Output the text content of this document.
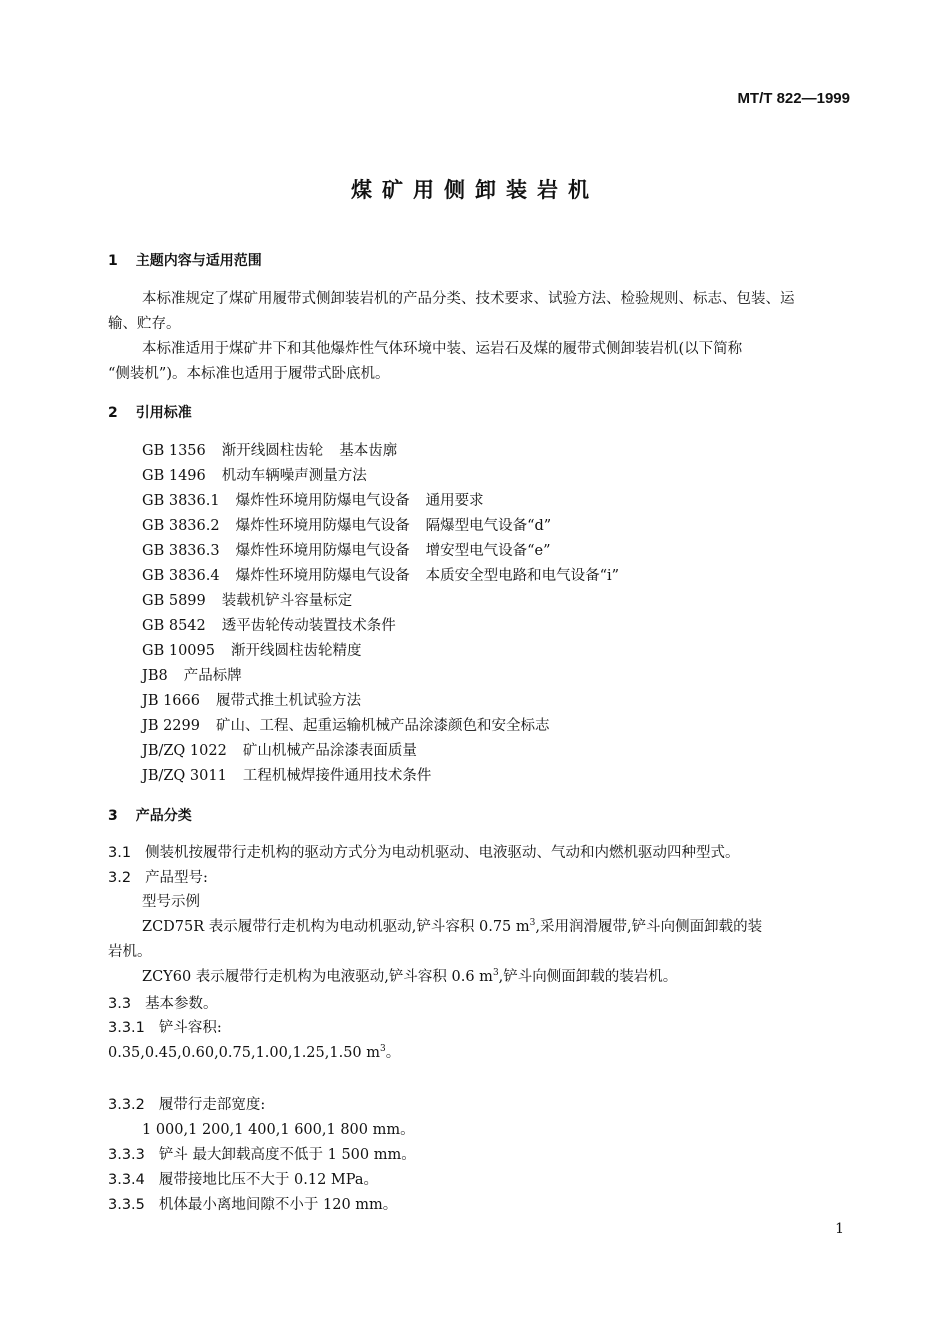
MT/T 822—1999
煤矿用侧卸装岩机
1 主题内容与适用范围
本标准规定了煤矿用履带式侧卸装岩机的产品分类、技术要求、试验方法、检验规则、标志、包装、运
输、贮存。
本标准适用于煤矿井下和其他爆炸性气体环境中装、运岩石及煤的履带式侧卸装岩机(以下简称
“侧装机”)。本标准也适用于履带式卧底机。
2 引用标准
GB 1356 渐开线圆柱齿轮 基本齿廓
GB 1496 机动车辆噪声测量方法
GB 3836.1 爆炸性环境用防爆电气设备 通用要求
GB 3836.2 爆炸性环境用防爆电气设备 隔爆型电气设备“d”
GB 3836.3 爆炸性环境用防爆电气设备 增安型电气设备“e”
GB 3836.4 爆炸性环境用防爆电气设备 本质安全型电路和电气设备“i”
GB 5899 装载机铲斗容量标定
GB 8542 透平齿轮传动装置技术条件
GB 10095 渐开线圆柱齿轮精度
JB8 产品标牌
JB 1666 履带式推土机试验方法
JB 2299 矿山、工程、起重运输机械产品涂漆颜色和安全标志
JB/ZQ 1022 矿山机械产品涂漆表面质量
JB/ZQ 3011 工程机械焊接件通用技术条件
3 产品分类
3.1 侧装机按履带行走机构的驱动方式分为电动机驱动、电液驱动、气动和内燃机驱动四种型式。
3.2 产品型号:
型号示例
ZCD75R 表示履带行走机构为电动机驱动,铲斗容积 0.75 $m^3$,采用润滑履带,铲斗向侧面卸载的装
岩机。
ZCY60 表示履带行走机构为电液驱动,铲斗容积 0.6 $m^3$,铲斗向侧面卸载的装岩机。
3.3 基本参数。
3.3.1 铲斗容积:
0.35,0.45,0.60,0.75,1.00,1.25,1.50 $m^3$。
3.3.2 履带行走部宽度:
1 000,1 200,1 400,1 600,1 800 mm。
3.3.3 铲斗 最大卸载高度不低于 1 500 mm。
3.3.4 履带接地比压不大于 0.12 MPa。
3.3.5 机体最小离地间隙不小于 120 mm。
1
